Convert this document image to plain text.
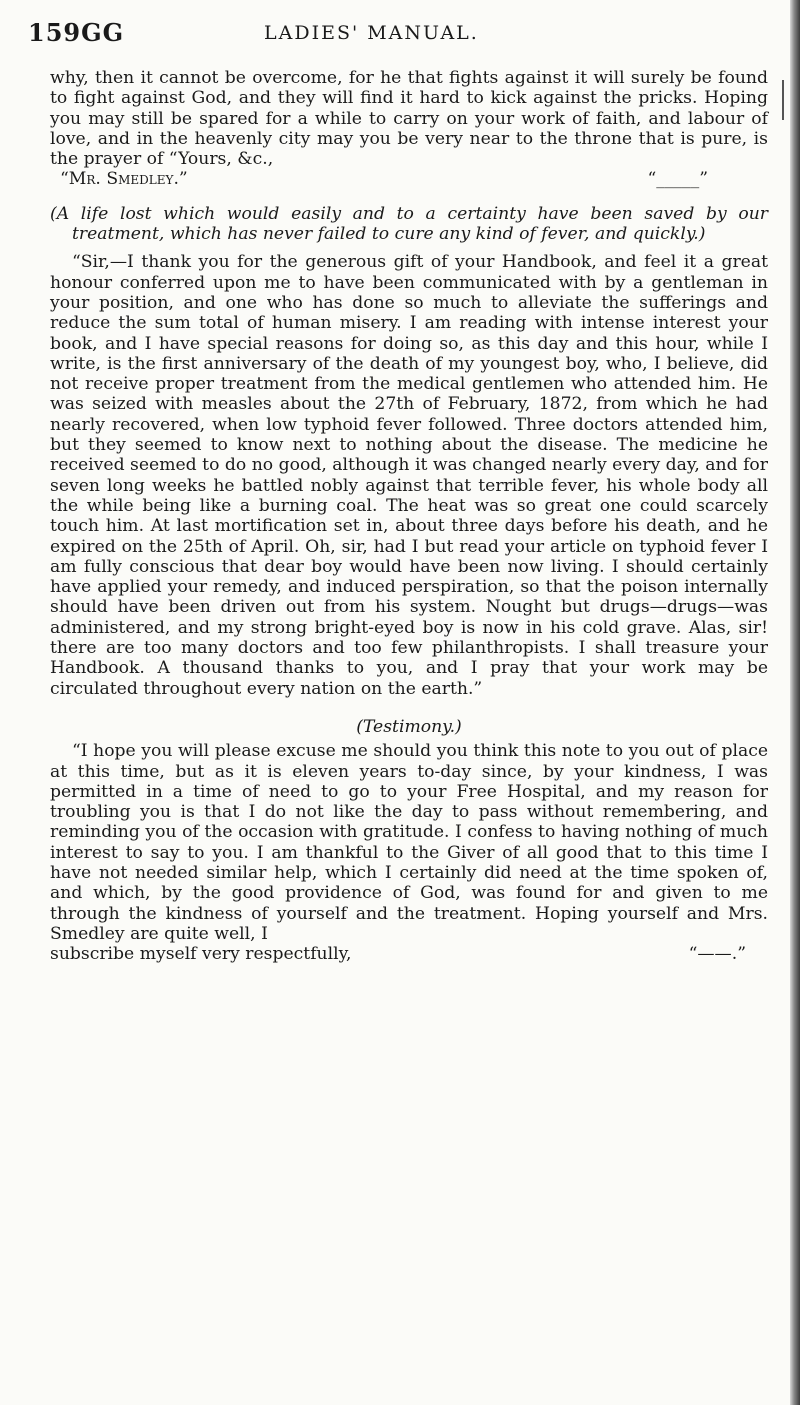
159GG	LADIES' MANUAL.

why, then it cannot be overcome, for he that fights against it will surely be found to fight against God, and they will find it hard to kick against the pricks. Hoping you may still be spared for a while to carry on your work of faith, and labour of love, and in the heavenly city may you be very near to the throne that is pure, is the prayer of “Yours, &c.,

“Mr. Smedley.”	“_____”

(A life lost which would easily and to a certainty have been saved by our treatment, which has never failed to cure any kind of fever, and quickly.)

“Sir,—I thank you for the generous gift of your Handbook, and feel it a great honour conferred upon me to have been communicated with by a gentleman in your position, and one who has done so much to alleviate the sufferings and reduce the sum total of human misery. I am reading with intense interest your book, and I have special reasons for doing so, as this day and this hour, while I write, is the first anniversary of the death of my youngest boy, who, I believe, did not receive proper treatment from the medical gentlemen who attended him. He was seized with measles about the 27th of February, 1872, from which he had nearly recovered, when low typhoid fever followed. Three doctors attended him, but they seemed to know next to nothing about the disease. The medicine he received seemed to do no good, although it was changed nearly every day, and for seven long weeks he battled nobly against that terrible fever, his whole body all the while being like a burning coal. The heat was so great one could scarcely touch him. At last mortification set in, about three days before his death, and he expired on the 25th of April. Oh, sir, had I but read your article on typhoid fever I am fully conscious that dear boy would have been now living. I should certainly have applied your remedy, and induced perspiration, so that the poison internally should have been driven out from his system. Nought but drugs—drugs—was administered, and my strong bright-eyed boy is now in his cold grave. Alas, sir! there are too many doctors and too few philanthropists. I shall treasure your Handbook. A thousand thanks to you, and I pray that your work may be circulated throughout every nation on the earth.”

(Testimony.)

“I hope you will please excuse me should you think this note to you out of place at this time, but as it is eleven years to-day since, by your kindness, I was permitted in a time of need to go to your Free Hospital, and my reason for troubling you is that I do not like the day to pass without remembering, and reminding you of the occasion with gratitude. I confess to having nothing of much interest to say to you. I am thankful to the Giver of all good that to this time I have not needed similar help, which I certainly did need at the time spoken of, and which, by the good providence of God, was found for and given to me through the kindness of yourself and the treatment. Hoping yourself and Mrs. Smedley are quite well, I

subscribe myself very respectfully,	“——.”
